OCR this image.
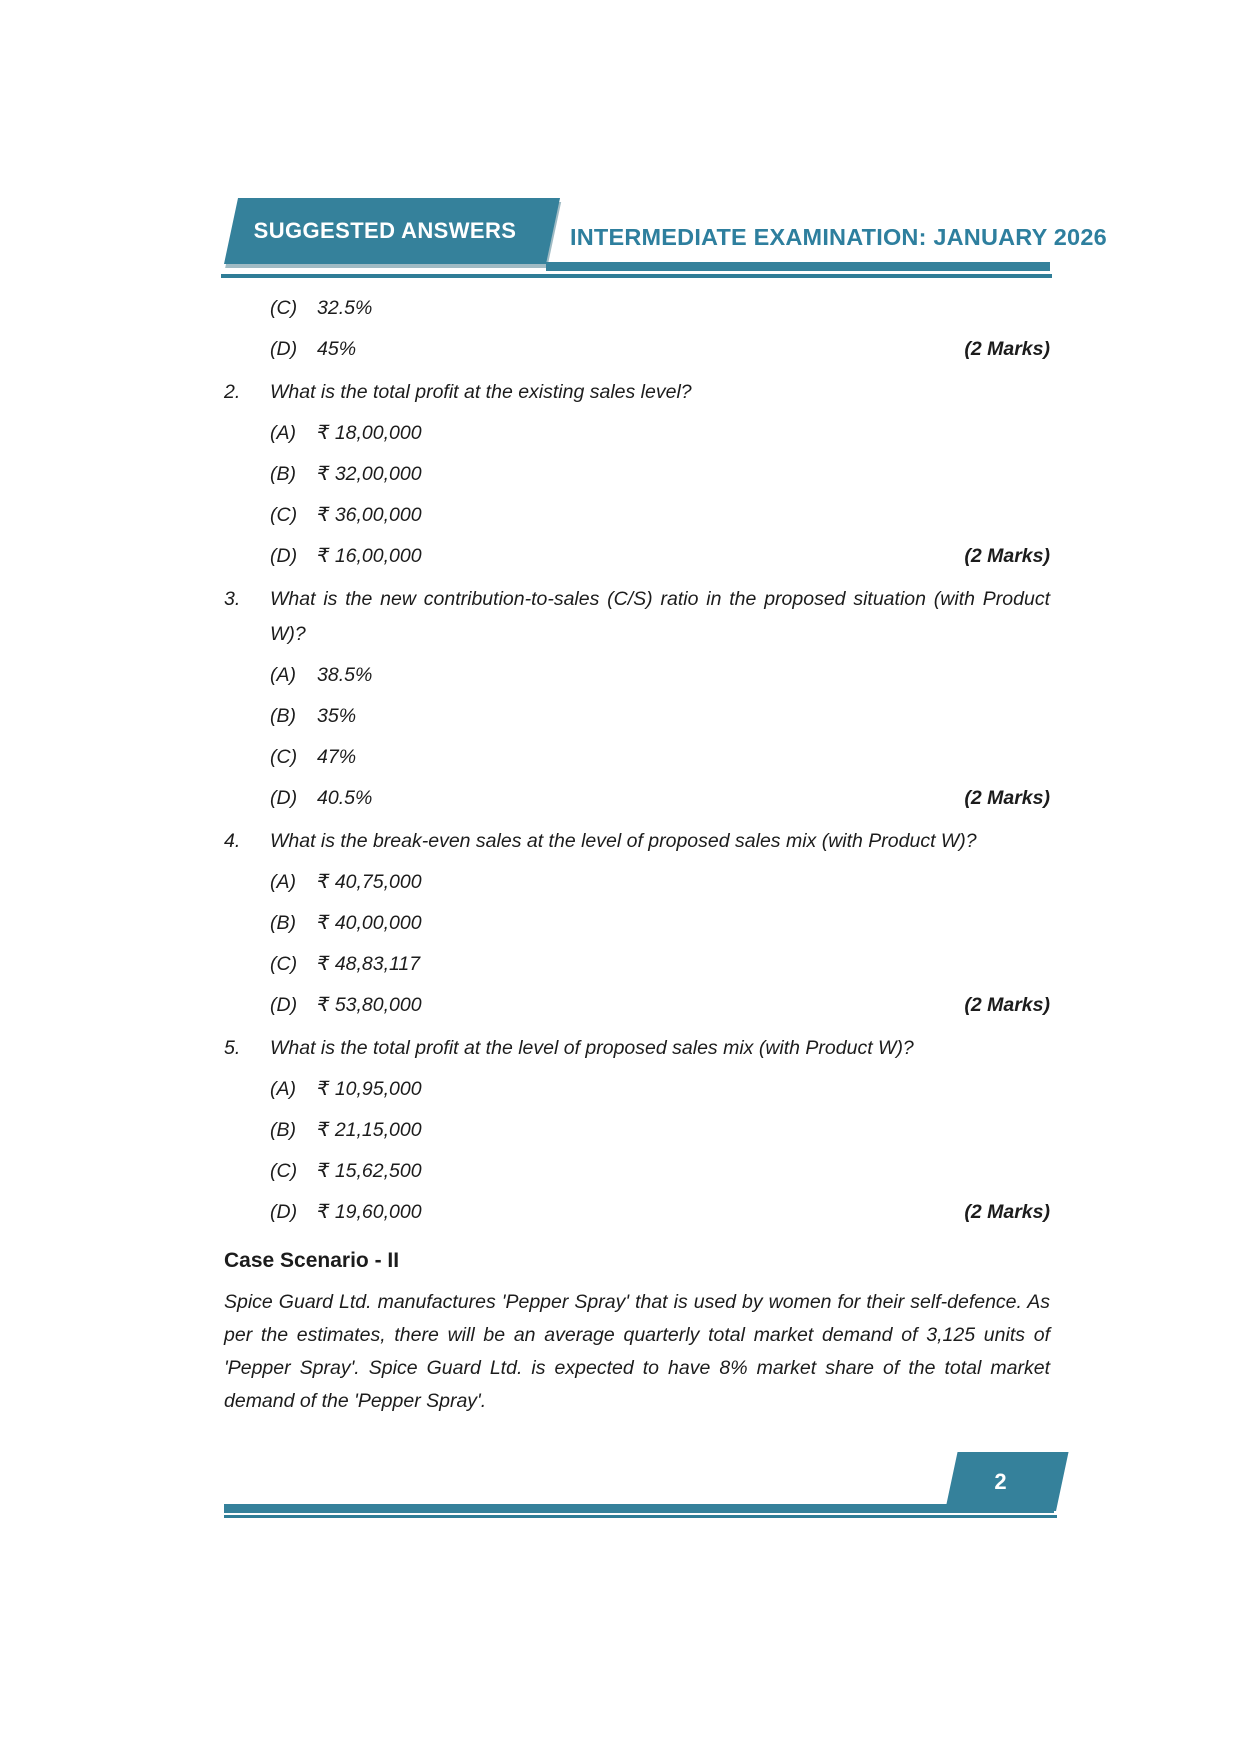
SUGGESTED ANSWERS INTERMEDIATE EXAMINATION: JANUARY 2026
(C)	32.5%
(D)	45%	(2 Marks)
2.	What is the total profit at the existing sales level?
(A)	₹ 18,00,000
(B)	₹ 32,00,000
(C)	₹ 36,00,000
(D)	₹ 16,00,000	(2 Marks)
3.	What is the new contribution-to-sales (C/S) ratio in the proposed situation (with Product W)?
(A)	38.5%
(B)	35%
(C)	47%
(D)	40.5%	(2 Marks)
4.	What is the break-even sales at the level of proposed sales mix (with Product W)?
(A)	₹ 40,75,000
(B)	₹ 40,00,000
(C)	₹ 48,83,117
(D)	₹ 53,80,000	(2 Marks)
5.	What is the total profit at the level of proposed sales mix (with Product W)?
(A)	₹ 10,95,000
(B)	₹ 21,15,000
(C)	₹ 15,62,500
(D)	₹ 19,60,000	(2 Marks)
Case Scenario - II
Spice Guard Ltd. manufactures 'Pepper Spray' that is used by women for their self-defence. As per the estimates, there will be an average quarterly total market demand of 3,125 units of 'Pepper Spray'. Spice Guard Ltd. is expected to have 8% market share of the total market demand of the 'Pepper Spray'.
2
